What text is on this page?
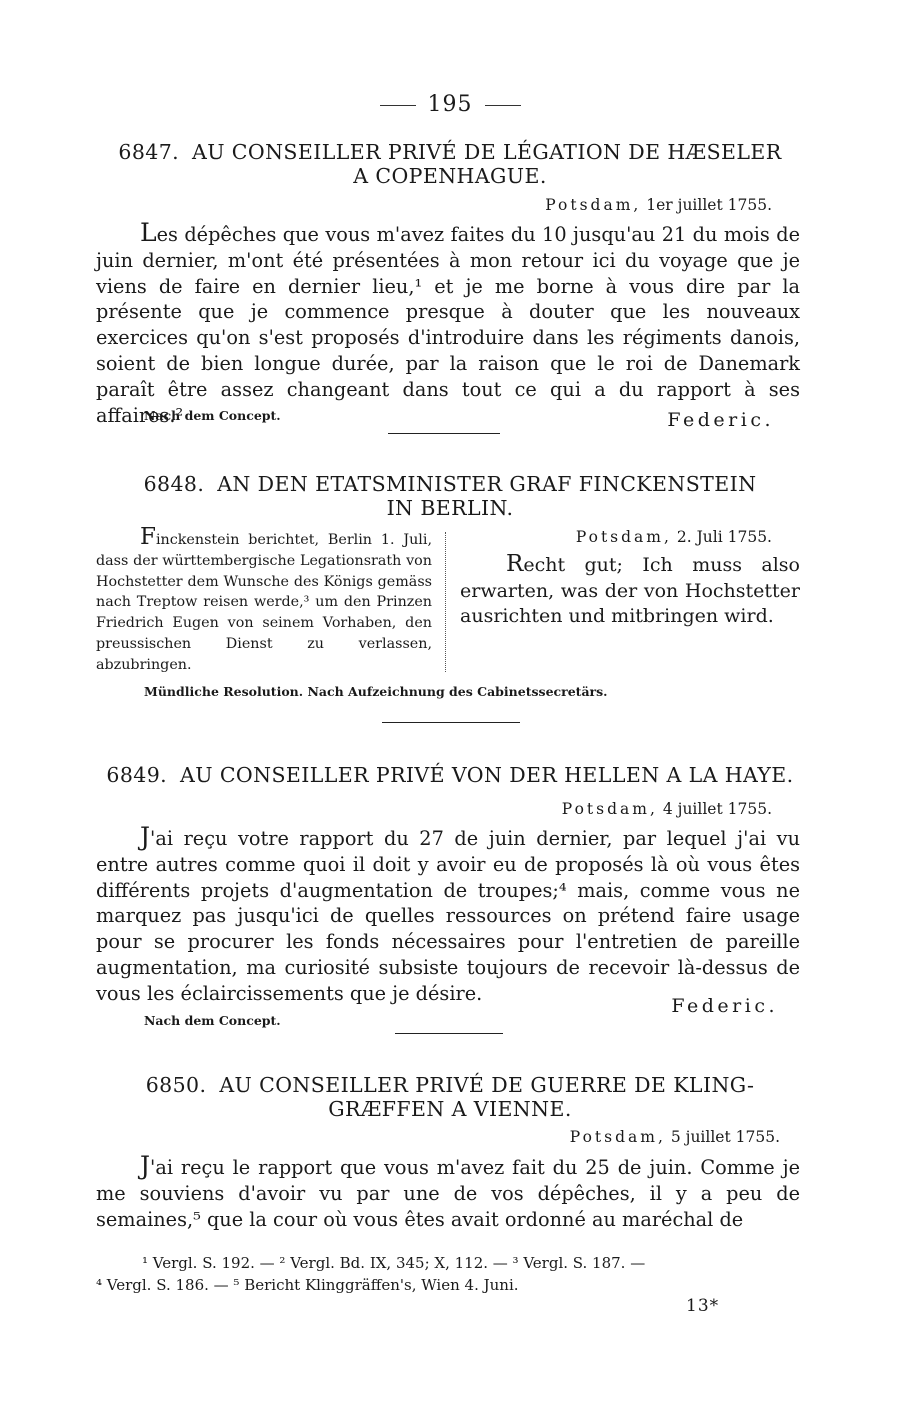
195
6847. AU CONSEILLER PRIVÉ DE LÉGATION DE HÆSELER
A COPENHAGUE.
Potsdam, 1er juillet 1755.
Les dépêches que vous m'avez faites du 10 jusqu'au 21 du mois de juin dernier, m'ont été présentées à mon retour ici du voyage que je viens de faire en dernier lieu,¹ et je me borne à vous dire par la présente que je commence presque à douter que les nouveaux exercices qu'on s'est proposés d'introduire dans les régiments danois, soient de bien longue durée, par la raison que le roi de Danemark paraît être assez changeant dans tout ce qui a du rapport à ses affaires.²
Nach dem Concept.	Federic.
6848. AN DEN ETATSMINISTER GRAF FINCKENSTEIN
IN BERLIN.
Finckenstein berichtet, Berlin 1. Juli, dass der württembergische Legationsrath von Hochstetter dem Wunsche des Königs gemäss nach Treptow reisen werde,³ um den Prinzen Friedrich Eugen von seinem Vorhaben, den preussischen Dienst zu verlassen, abzubringen.
Potsdam, 2. Juli 1755.
Recht gut; Ich muss also erwarten, was der von Hochstetter ausrichten und mitbringen wird.
Mündliche Resolution. Nach Aufzeichnung des Cabinetssecretärs.
6849. AU CONSEILLER PRIVÉ VON DER HELLEN A LA HAYE.
Potsdam, 4 juillet 1755.
J'ai reçu votre rapport du 27 de juin dernier, par lequel j'ai vu entre autres comme quoi il doit y avoir eu de proposés là où vous êtes différents projets d'augmentation de troupes;⁴ mais, comme vous ne marquez pas jusqu'ici de quelles ressources on prétend faire usage pour se procurer les fonds nécessaires pour l'entretien de pareille augmentation, ma curiosité subsiste toujours de recevoir là-dessus de vous les éclaircissements que je désire.
Federic.
Nach dem Concept.
6850. AU CONSEILLER PRIVÉ DE GUERRE DE KLING-
GRÆFFEN A VIENNE.
Potsdam, 5 juillet 1755.
J'ai reçu le rapport que vous m'avez fait du 25 de juin. Comme je me souviens d'avoir vu par une de vos dépêches, il y a peu de semaines,⁵ que la cour où vous êtes avait ordonné au maréchal de
¹ Vergl. S. 192. — ² Vergl. Bd. IX, 345; X, 112. — ³ Vergl. S. 187. —
⁴ Vergl. S. 186. — ⁵ Bericht Klinggräffen's, Wien 4. Juni.
13*
